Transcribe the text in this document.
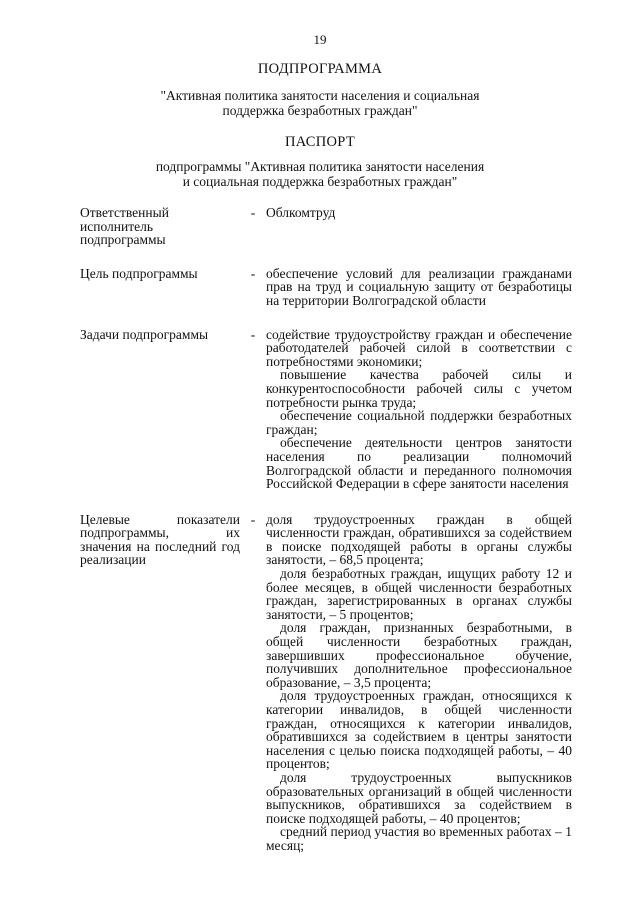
19
ПОДПРОГРАММА
"Активная политика занятости населения и социальная
поддержка безработных граждан"
ПАСПОРТ
подпрограммы "Активная политика занятости населения
и социальная поддержка безработных граждан"
Ответственный исполнитель подпрограммы
- Облкомтруд
Цель подпрограммы	- обеспечение условий для реализации гражданами прав на труд и социальную защиту от безработицы на территории Волгоградской области
Задачи подпрограммы	- содействие трудоустройству граждан и обеспечение работодателей рабочей силой в соответствии с потребностями экономики;
повышение качества рабочей силы и конкурентоспособности рабочей силы с учетом потребности рынка труда;
обеспечение социальной поддержки безработных граждан;
обеспечение деятельности центров занятости населения по реализации полномочий Волгоградской области и переданного полномочия Российской Федерации в сфере занятости населения
Целевые показатели подпрограммы, их значения на последний год реализации
- доля трудоустроенных граждан в общей численности граждан, обратившихся за содействием в поиске подходящей работы в органы службы занятости, – 68,5 процента;
доля безработных граждан, ищущих работу 12 и более месяцев, в общей численности безработных граждан, зарегистрированных в органах службы занятости, – 5 процентов;
доля граждан, признанных безработными, в общей численности безработных граждан, завершивших профессиональное обучение, получивших дополнительное профессиональное образование, – 3,5 процента;
доля трудоустроенных граждан, относящихся к категории инвалидов, в общей численности граждан, относящихся к категории инвалидов, обратившихся за содействием в центры занятости населения с целью поиска подходящей работы, – 40 процентов;
доля трудоустроенных выпускников образовательных организаций в общей численности выпускников, обратившихся за содействием в поиске подходящей работы, – 40 процентов;
средний период участия во временных работах – 1 месяц;
